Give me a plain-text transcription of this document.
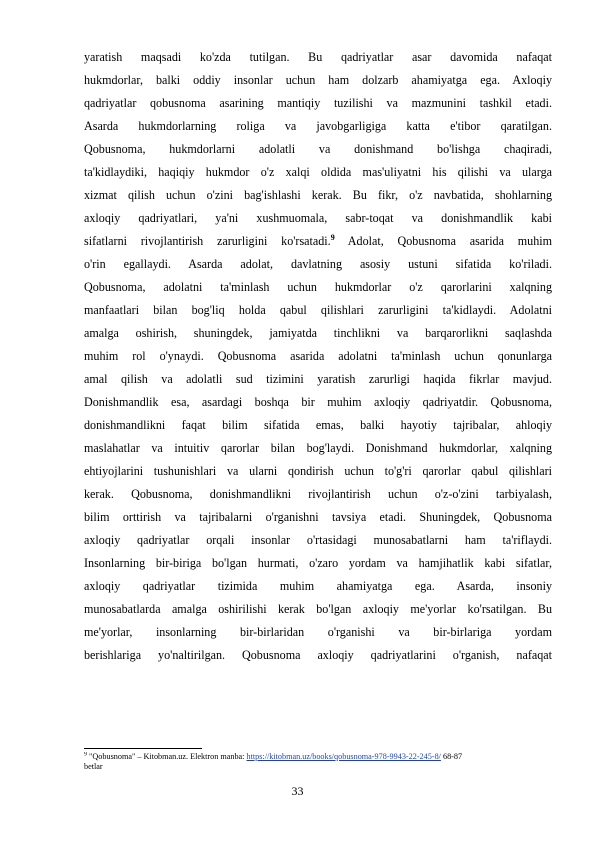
yaratish maqsadi ko'zda tutilgan. Bu qadriyatlar asar davomida nafaqat
hukmdorlar, balki oddiy insonlar uchun ham dolzarb ahamiyatga ega. Axloqiy
qadriyatlar qobusnoma asarining mantiqiy tuzilishi va mazmunini tashkil etadi.
Asarda hukmdorlarning roliga va javobgarligiga katta e'tibor qaratilgan.
Qobusnoma, hukmdorlarni adolatli va donishmand bo'lishga chaqiradi,
ta'kidlaydiki, haqiqiy hukmdor o'z xalqi oldida mas'uliyatni his qilishi va ularga
xizmat qilish uchun o'zini bag'ishlashi kerak. Bu fikr, o'z navbatida, shohlarning
axloqiy qadriyatlari, ya'ni xushmuomala, sabr-toqat va donishmandlik kabi
sifatlarni rivojlantirish zarurligini ko'rsatadi.$^9$ Adolat, Qobusnoma asarida muhim
o'rin egallaydi. Asarda adolat, davlatning asosiy ustuni sifatida ko'riladi.
Qobusnoma, adolatni ta'minlash uchun hukmdorlar o'z qarorlarini xalqning
manfaatlari bilan bog'liq holda qabul qilishlari zarurligini ta'kidlaydi. Adolatni
amalga oshirish, shuningdek, jamiyatda tinchlikni va barqarorlikni saqlashda
muhim rol o'ynaydi. Qobusnoma asarida adolatni ta'minlash uchun qonunlarga
amal qilish va adolatli sud tizimini yaratish zarurligi haqida fikrlar mavjud.
Donishmandlik esa, asardagi boshqa bir muhim axloqiy qadriyatdir. Qobusnoma,
donishmandlikni faqat bilim sifatida emas, balki hayotiy tajribalar, ahloqiy
maslahatlar va intuitiv qarorlar bilan bog'laydi. Donishmand hukmdorlar, xalqning
ehtiyojlarini tushunishlari va ularni qondirish uchun to'g'ri qarorlar qabul qilishlari
kerak. Qobusnoma, donishmandlikni rivojlantirish uchun o'z-o'zini tarbiyalash,
bilim orttirish va tajribalarni o'rganishni tavsiya etadi. Shuningdek, Qobusnoma
axloqiy qadriyatlar orqali insonlar o'rtasidagi munosabatlarni ham ta'riflaydi.
Insonlarning bir-biriga bo'lgan hurmati, o'zaro yordam va hamjihatlik kabi sifatlar,
axloqiy qadriyatlar tizimida muhim ahamiyatga ega. Asarda, insoniy
munosabatlarda amalga oshirilishi kerak bo'lgan axloqiy me'yorlar ko'rsatilgan. Bu
me'yorlar, insonlarning bir-birlaridan o'rganishi va bir-birlariga yordam
berishlariga yo'naltirilgan. Qobusnoma axloqiy qadriyatlarini o'rganish, nafaqat
$^9$ "Qobusnoma" – Kitobman.uz. Elektron manba: https://kitobman.uz/books/qobusnoma-978-9943-22-245-8/ 68-87
betlar
33
